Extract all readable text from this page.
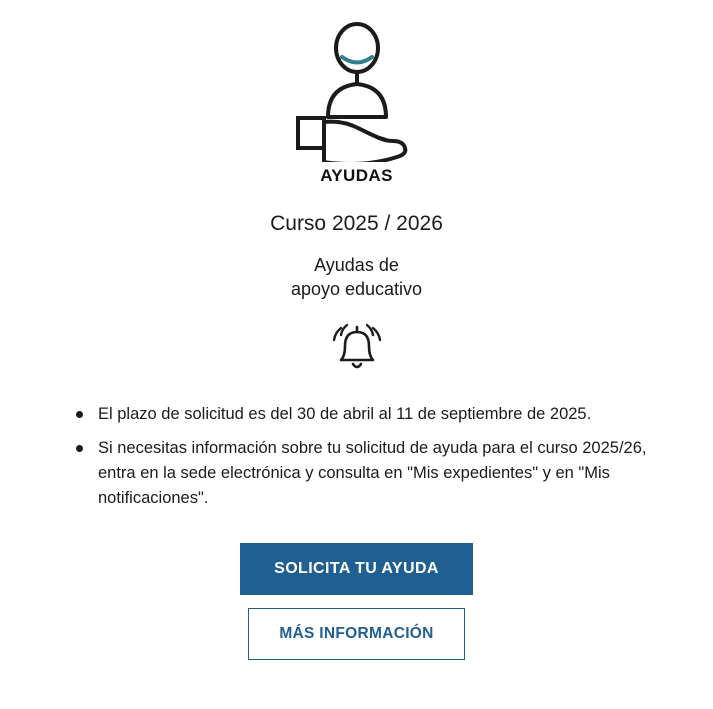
AYUDAS
Curso 2025 / 2026
Ayudas de
apoyo educativo
El plazo de solicitud es del 30 de abril al 11 de septiembre de 2025.
Si necesitas información sobre tu solicitud de ayuda para el curso 2025/26, entra en la sede electrónica y consulta en "Mis expedientes" y en "Mis notificaciones".
SOLICITA TU AYUDA
MÁS INFORMACIÓN
